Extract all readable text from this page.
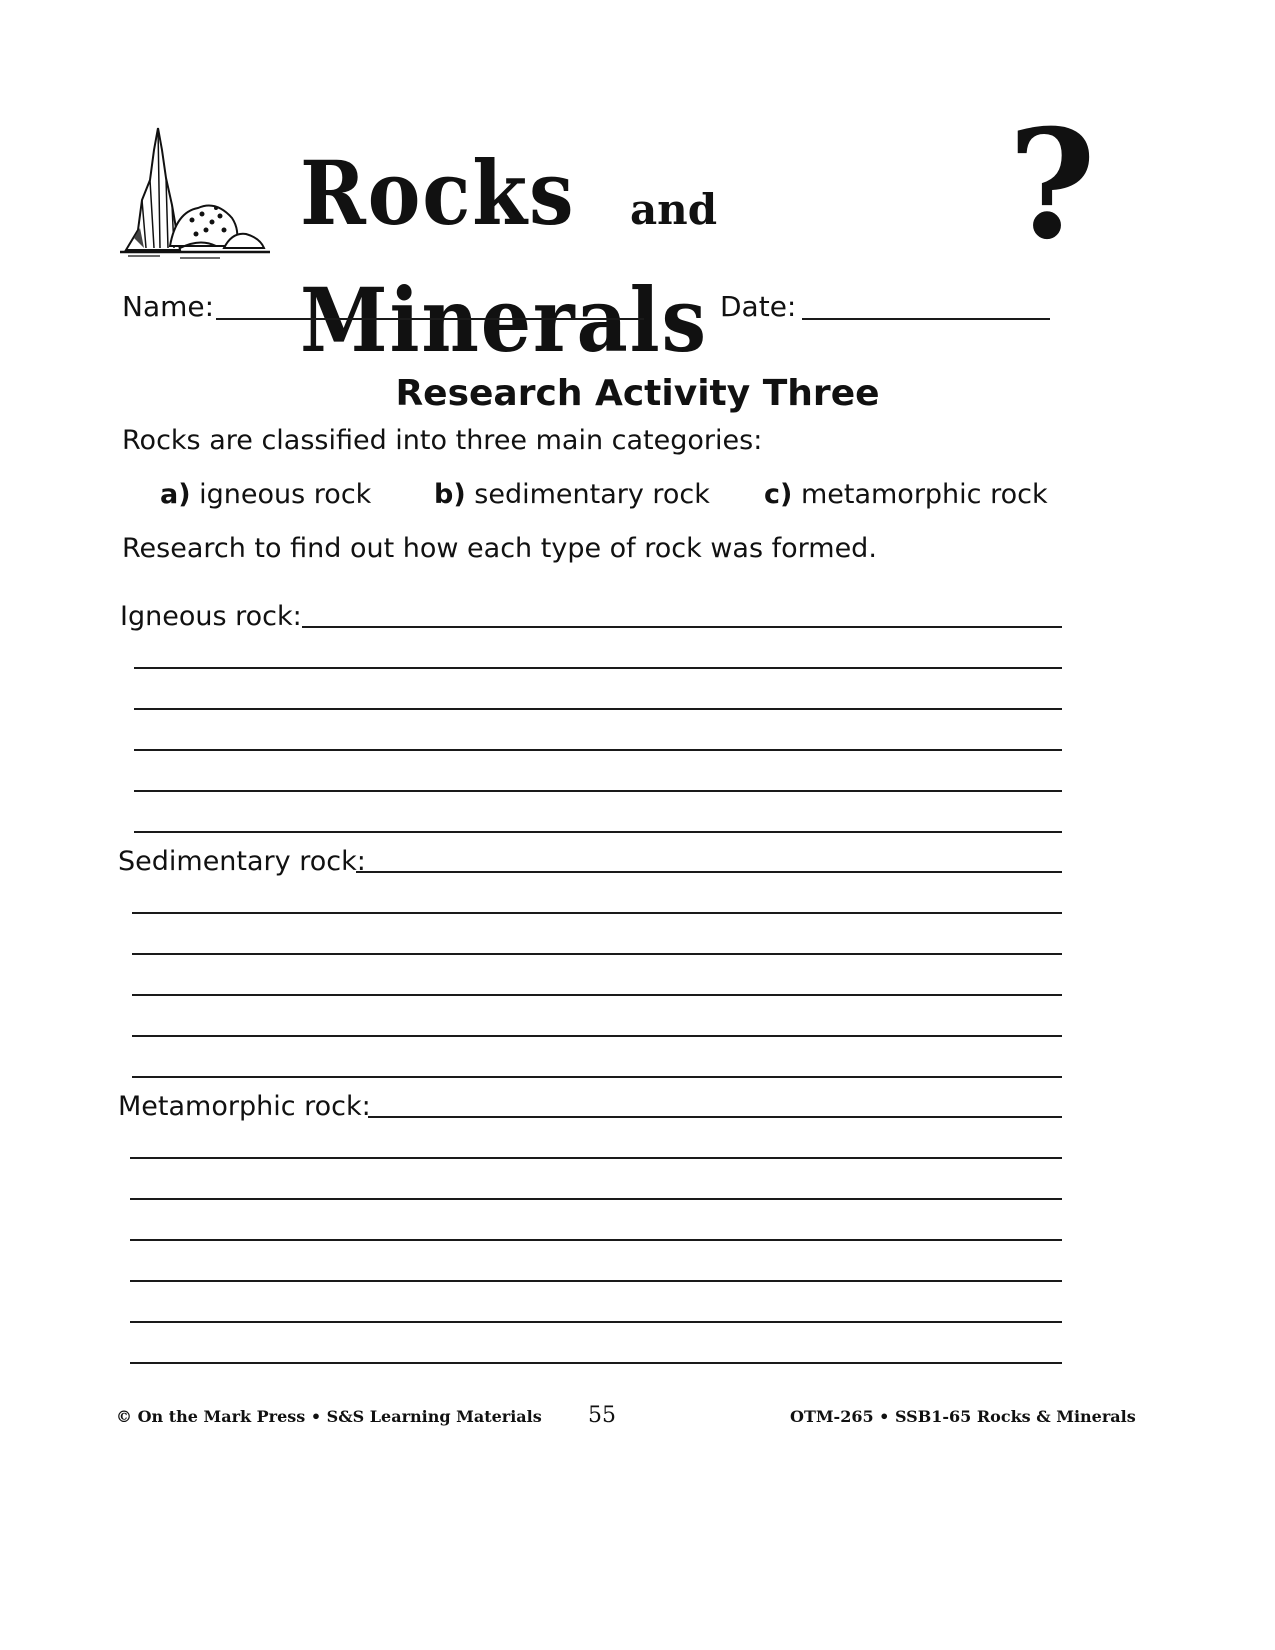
Rocks andMinerals
?
Name:	Date:
Research Activity Three
Rocks are classified into three main categories:
a) igneous rock b) sedimentary rock c) metamorphic rock
Research to find out how each type of rock was formed.
Igneous rock:
Sedimentary rock:
Metamorphic rock:
© On the Mark Press • S&S Learning Materials 55	OTM-265 • SSB1-65 Rocks & Minerals
